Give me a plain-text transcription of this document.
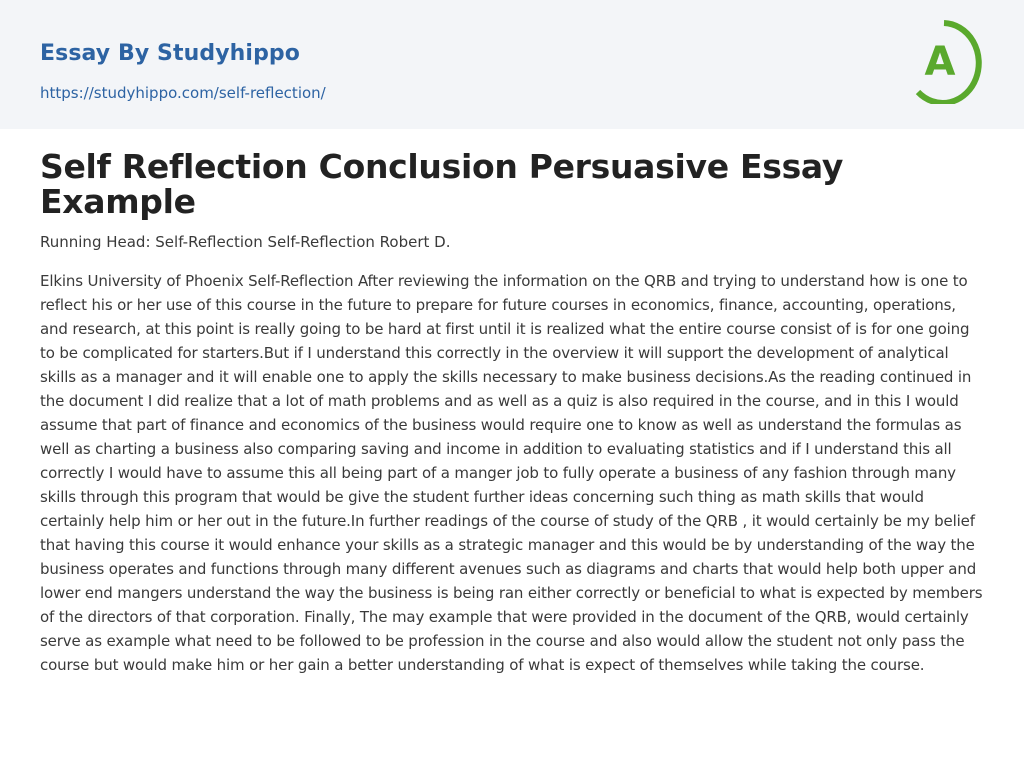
Essay By Studyhippo
https://studyhippo.com/self-reflection/
A
Self Reflection Conclusion Persuasive Essay Example

Running Head: Self-Reflection Self-Reflection Robert D.

Elkins University of Phoenix Self-Reflection After reviewing the information on the QRB and trying to understand how is one to reflect his or her use of this course in the future to prepare for future courses in economics, finance, accounting, operations, and research, at this point is really going to be hard at first until it is realized what the entire course consist of is for one going to be complicated for starters.But if I understand this correctly in the overview it will support the development of analytical skills as a manager and it will enable one to apply the skills necessary to make business decisions.As the reading continued in the document I did realize that a lot of math problems and as well as a quiz is also required in the course, and in this I would assume that part of finance and economics of the business would require one to know as well as understand the formulas as well as charting a business also comparing saving and income in addition to evaluating statistics and if I understand this all correctly I would have to assume this all being part of a manger job to fully operate a business of any fashion through many skills through this program that would be give the student further ideas concerning such thing as math skills that would certainly help him or her out in the future.In further readings of the course of study of the QRB , it would certainly be my belief that having this course it would enhance your skills as a strategic manager and this would be by understanding of the way the business operates and functions through many different avenues such as diagrams and charts that would help both upper and lower end mangers understand the way the business is being ran either correctly or beneficial to what is expected by members of the directors of that corporation. Finally, The may example that were provided in the document of the QRB, would certainly serve as example what need to be followed to be profession in the course and also would allow the student not only pass the course but would make him or her gain a better understanding of what is expect of themselves while taking the course.
